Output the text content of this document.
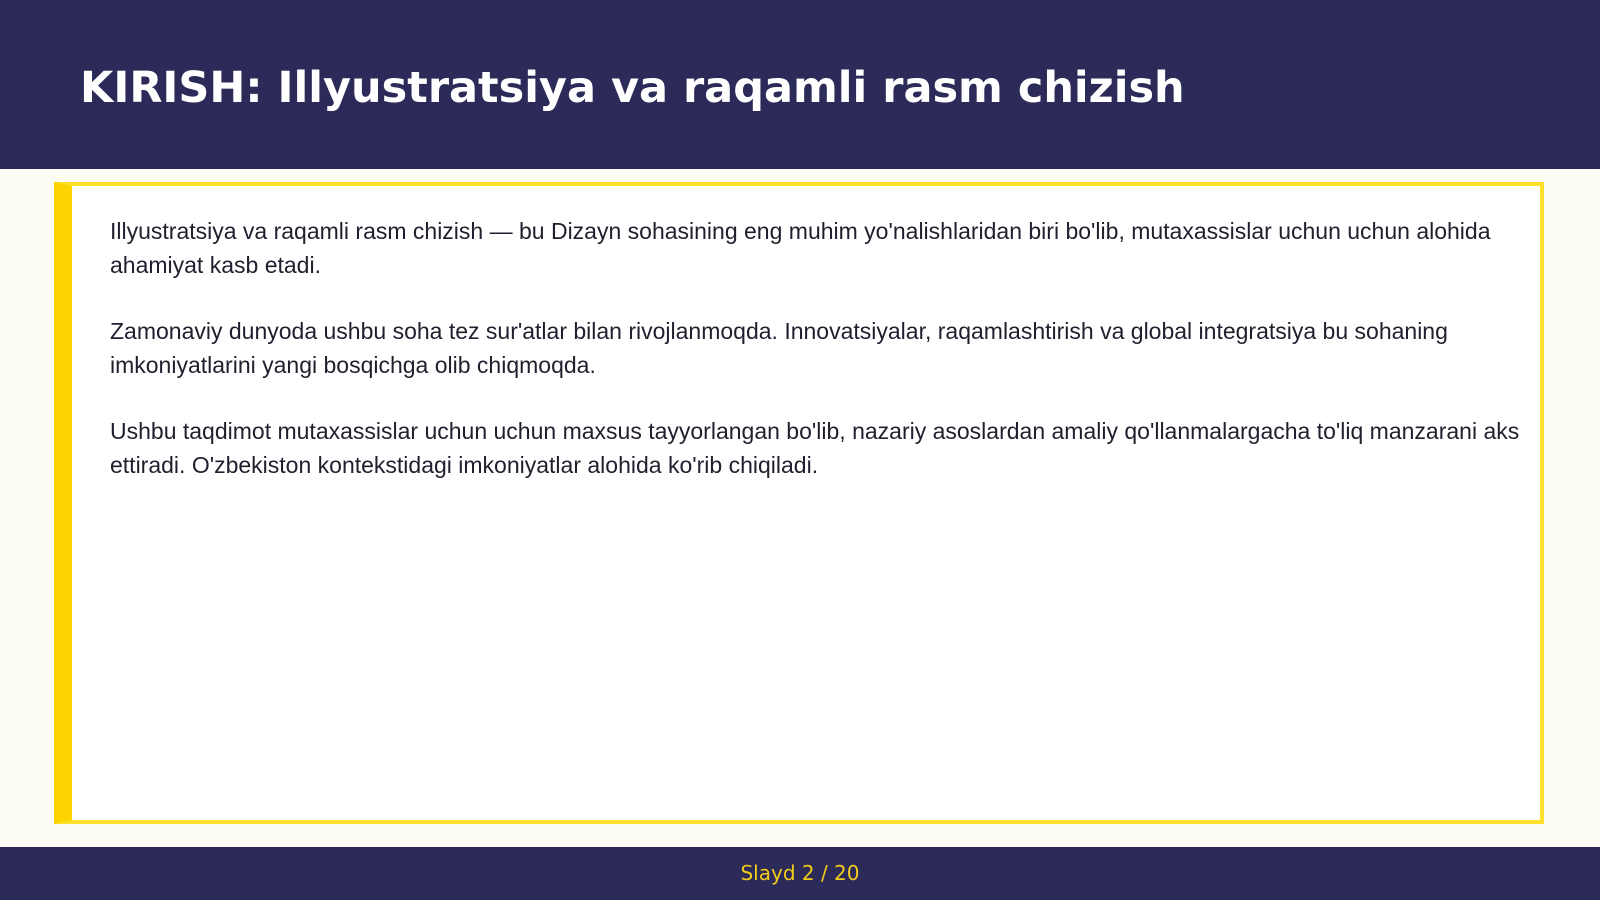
KIRISH: Illyustratsiya va raqamli rasm chizish

Illyustratsiya va raqamli rasm chizish — bu Dizayn sohasining eng muhim yo'nalishlaridan biri bo'lib, mutaxassislar uchun uchun alohida ahamiyat kasb etadi.

Zamonaviy dunyoda ushbu soha tez sur'atlar bilan rivojlanmoqda. Innovatsiyalar, raqamlashtirish va global integratsiya bu sohaning imkoniyatlarini yangi bosqichga olib chiqmoqda.

Ushbu taqdimot mutaxassislar uchun uchun maxsus tayyorlangan bo'lib, nazariy asoslardan amaliy qo'llanmalargacha to'liq manzarani aks ettiradi. O'zbekiston kontekstidagi imkoniyatlar alohida ko'rib chiqiladi.

Slayd 2 / 20
